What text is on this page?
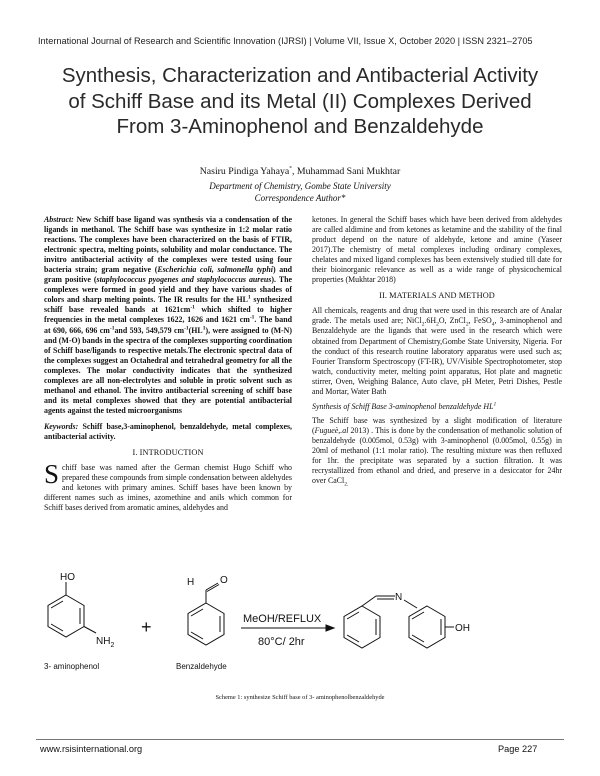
International Journal of Research and Scientific Innovation (IJRSI) | Volume VII, Issue X, October 2020 | ISSN 2321–2705
Synthesis, Characterization and Antibacterial Activity
of Schiff Base and its Metal (II) Complexes Derived
From 3-Aminophenol and Benzaldehyde
Nasiru Pindiga Yahaya*, Muhammad Sani Mukhtar
Department of Chemistry, Gombe State University
Correspondence Author*

Abstract: New Schiff base ligand was synthesis via a condensation of the ligands in methanol. The Schiff base was synthesize in 1:2 molar ratio reactions. The complexes have been characterized on the basis of FTIR, electronic spectra, melting points, solubility and molar conductance. The invitro antibacterial activity of the complexes were tested using four bacteria strain; gram negative (Escherichia coli, salmonella typhi) and gram positive (staphylococcus pyogenes and staphylococcus aureus). The complexes were formed in good yield and they have various shades of colors and sharp melting points. The IR results for the $HL^1$ synthesized schiff base revealed bands at $1621cm^{-1}$ which shifted to higher frequencies in the metal complexes 1622, 1626 and 1621 $cm^{-1}$. The band at 690, 666, 696 $cm^{-1}and$ 593, 549,579 $cm^{-1}(HL^1)$, were assigned to (M-N) and (M-O) bands in the spectra of the complexes supporting coordination of Schiff base/ligands to respective metals.The electronic spectral data of the complexes suggest an Octahedral and tetrahedral geometry for all the complexes. The molar conductivity indicates that the synthesized complexes are all non-electrolytes and soluble in protic solvent such as methanol and ethanol. The invitro antibacterial screening of schiff base and its metal complexes showed that they are potential antibacterial agents against the tested microorganisms

Keywords: Schiff base,3-aminophenol, benzaldehyde, metal complexes, antibacterial activity.

I. INTRODUCTION

Schiff base was named after the German chemist Hugo Schiff who prepared these compounds from simple condensation between aldehydes and ketones with primary amines. Schiff bases have been known by different names such as imines, azomethine and anils which common for Schiff bases derived from aromatic amines, aldehydes and

ketones. In general the Schiff bases which have been derived from aldehydes are called aldimine and from ketones as ketamine and the stability of the final product depend on the nature of aldehyde, ketone and amine (Yaseer 2017).The chemistry of metal complexes including ordinary complexes, chelates and mixed ligand complexes has been extensively studied till date for their bioinorganic relevance as well as a wide range of physicochemical properties (Mukhtar 2018)

II. MATERIALS AND METHOD

All chemicals, reagents and drug that were used in this research are of Analar grade. The metals used are; $NiCl_2.6H_2O$, ZnCl$_2$, FeSO$_4$, 3-aminophenol and Benzaldehyde are the ligands that were used in the research which were obtained from Department of Chemistry,Gombe State University, Nigeria. For the conduct of this research routine laboratory apparatus were used such as; Fourier Transform Spectroscopy (FT-IR), UV/Visible Spectrophotometer, stop watch, conductivity meter, melting point apparatus, Hot plate and magnetic stirrer, Oven, Weighing Balance, Auto clave, pH Meter, Petri Dishes, Pestle and Mortar, Water Bath

Synthesis of Schiff Base 3-aminophenol benzaldehyde $HL^1$

The Schiff base was synthesized by a slight modification of literature (Fugueè,.al 2013) . This is done by the condensation of methanolic solution of benzaldehyde (0.005mol, 0.53g) with 3-aminophenol (0.005mol, 0.55g) in 20ml of methanol (1:1 molar ratio). The resulting mixture was then refluxed for 1hr. the precipitate was separated by a suction filtration. It was recrystallized from ethanol and dried, and preserve in a desiccator for 24hr over CaCl$_{2.}$

HO
$NH_2$
3- aminophenol
+
H	O
Benzaldehyde
MeOH/REFLUX
80°C/ 2hr
N
OH
Scheme 1: synthesize Schiff base of 3- aminophenolbenzaldehyde
www.rsisinternational.org	Page 227
